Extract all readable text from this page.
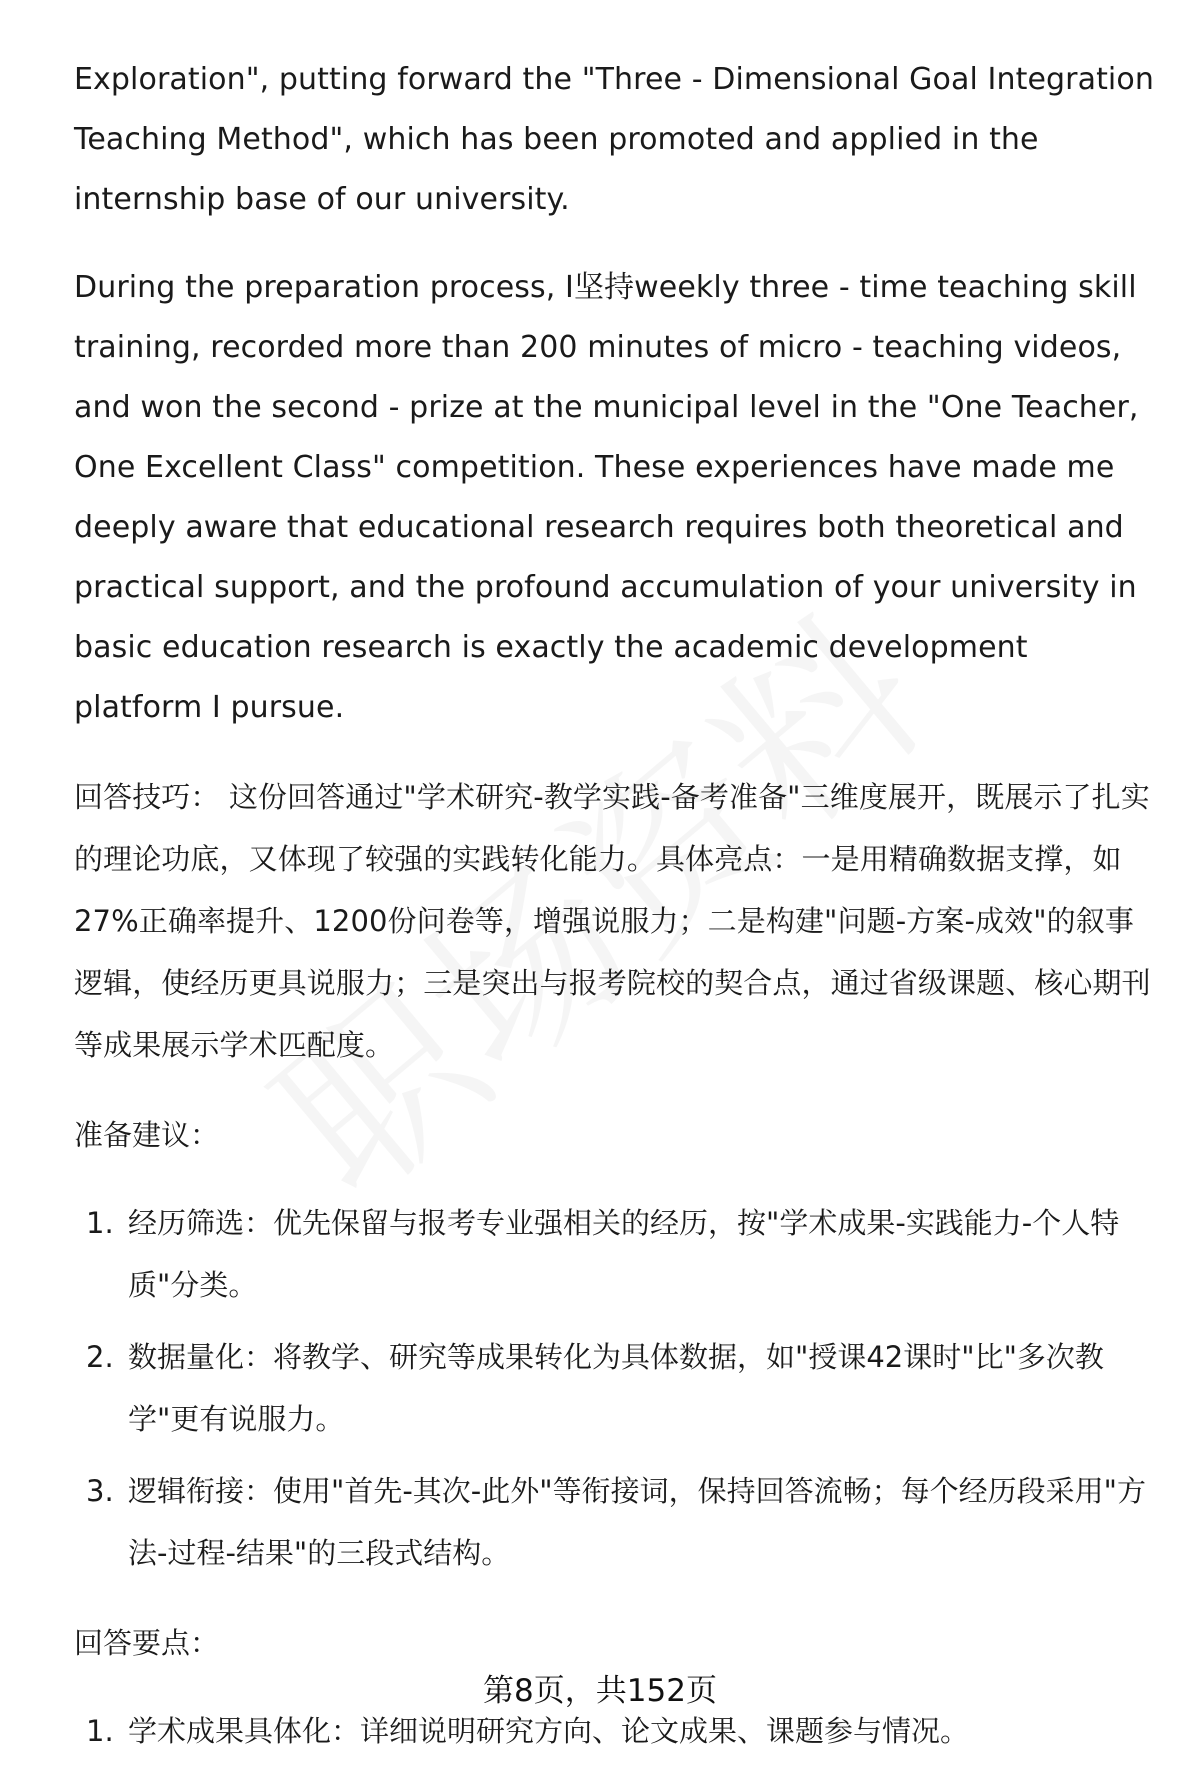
Exploration", putting forward the "Three - Dimensional Goal Integration Teaching Method", which has been promoted and applied in the internship base of our university.

During the preparation process, I坚持weekly three - time teaching skill training, recorded more than 200 minutes of micro - teaching videos, and won the second - prize at the municipal level in the "One Teacher, One Excellent Class" competition. These experiences have made me deeply aware that educational research requires both theoretical and practical support, and the profound accumulation of your university in basic education research is exactly the academic development platform I pursue.

回答技巧： 这份回答通过"学术研究-教学实践-备考准备"三维度展开，既展示了扎实的理论功底，又体现了较强的实践转化能力。具体亮点：一是用精确数据支撑，如27%正确率提升、1200份问卷等，增强说服力；二是构建"问题-方案-成效"的叙事逻辑，使经历更具说服力；三是突出与报考院校的契合点，通过省级课题、核心期刊等成果展示学术匹配度。

准备建议：

1. 经历筛选：优先保留与报考专业强相关的经历，按"学术成果-实践能力-个人特质"分类。
2. 数据量化：将教学、研究等成果转化为具体数据，如"授课42课时"比"多次教学"更有说服力。
3. 逻辑衔接：使用"首先-其次-此外"等衔接词，保持回答流畅；每个经历段采用"方法-过程-结果"的三段式结构。

回答要点：

1. 学术成果具体化：详细说明研究方向、论文成果、课题参与情况。
第8页，共152页
